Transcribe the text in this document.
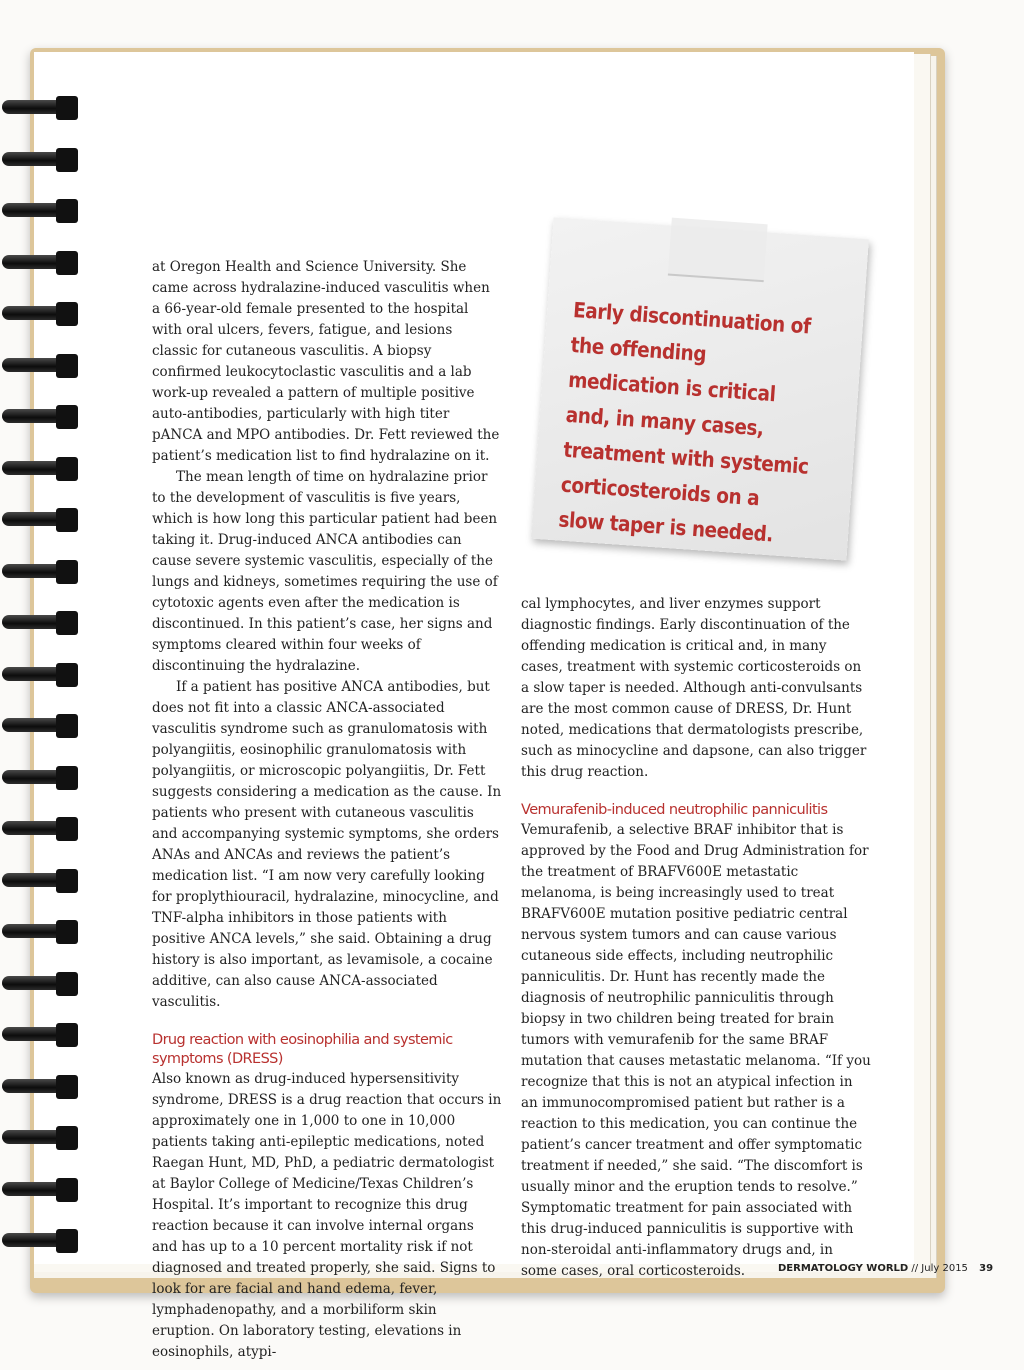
Early discontinuation of the offending medication is critical and, in many cases, treatment with systemic corticosteroids on a slow taper is needed.

at Oregon Health and Science University. She came across hydralazine-induced vasculitis when a 66-year-old female presented to the hospital with oral ulcers, fevers, fatigue, and lesions classic for cutaneous vasculitis. A biopsy confirmed leukocytoclastic vasculitis and a lab work-up revealed a pattern of multiple positive auto-antibodies, particularly with high titer pANCA and MPO antibodies. Dr. Fett reviewed the patient’s medication list to find hydralazine on it.

The mean length of time on hydralazine prior to the development of vasculitis is five years, which is how long this particular patient had been taking it. Drug-induced ANCA antibodies can cause severe systemic vasculitis, especially of the lungs and kidneys, sometimes requiring the use of cytotoxic agents even after the medication is discontinued. In this patient’s case, her signs and symptoms cleared within four weeks of discontinuing the hydralazine.

If a patient has positive ANCA antibodies, but does not fit into a classic ANCA-associated vasculitis syndrome such as granulomatosis with polyangiitis, eosinophilic granulomatosis with polyangiitis, or microscopic polyangiitis, Dr. Fett suggests considering a medication as the cause. In patients who present with cutaneous vasculitis and accompanying systemic symptoms, she orders ANAs and ANCAs and reviews the patient’s medication list. “I am now very carefully looking for proplythiouracil, hydralazine, minocycline, and TNF-alpha inhibitors in those patients with positive ANCA levels,” she said. Obtaining a drug history is also important, as levamisole, a cocaine additive, can also cause ANCA-associated vasculitis.

Drug reaction with eosinophilia and systemic symptoms (DRESS)

Also known as drug-induced hypersensitivity syndrome, DRESS is a drug reaction that occurs in approximately one in 1,000 to one in 10,000 patients taking anti-epileptic medications, noted Raegan Hunt, MD, PhD, a pediatric dermatologist at Baylor College of Medicine/Texas Children’s Hospital. It’s important to recognize this drug reaction because it can involve internal organs and has up to a 10 percent mortality risk if not diagnosed and treated properly, she said. Signs to look for are facial and hand edema, fever, lymphadenopathy, and a morbiliform skin eruption. On laboratory testing, elevations in eosinophils, atypi-

cal lymphocytes, and liver enzymes support diagnostic findings. Early discontinuation of the offending medication is critical and, in many cases, treatment with systemic corticosteroids on a slow taper is needed. Although anti-convulsants are the most common cause of DRESS, Dr. Hunt noted, medications that dermatologists prescribe, such as minocycline and dapsone, can also trigger this drug reaction.

Vemurafenib-induced neutrophilic panniculitis

Vemurafenib, a selective BRAF inhibitor that is approved by the Food and Drug Administration for the treatment of BRAFV600E metastatic melanoma, is being increasingly used to treat BRAFV600E mutation positive pediatric central nervous system tumors and can cause various cutaneous side effects, including neutrophilic panniculitis. Dr. Hunt has recently made the diagnosis of neutrophilic panniculitis through biopsy in two children being treated for brain tumors with vemurafenib for the same BRAF mutation that causes metastatic melanoma. “If you recognize that this is not an atypical infection in an immunocompromised patient but rather is a reaction to this medication, you can continue the patient’s cancer treatment and offer symptomatic treatment if needed,” she said. “The discomfort is usually minor and the eruption tends to resolve.” Symptomatic treatment for pain associated with this drug-induced panniculitis is supportive with non-steroidal anti-inflammatory drugs and, in some cases, oral corticosteroids.	DERMATOLOGY WORLD // July 2015 39
